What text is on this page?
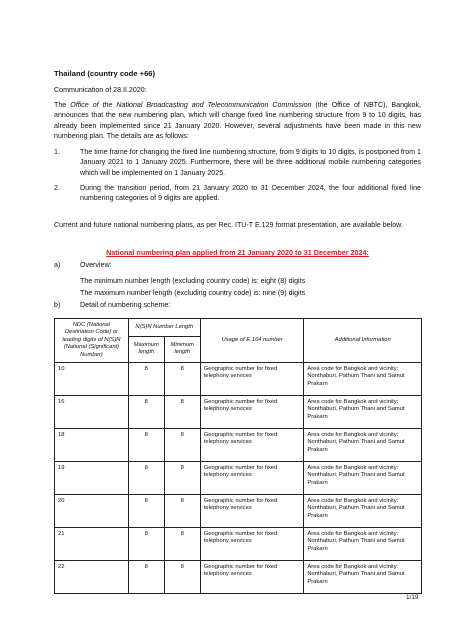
Thailand (country code +66)
Communication of 28.II.2020:
The Office of the National Broadcasting and Telecommunication Commission (the Office of NBTC), Bangkok, announces that the new numbering plan, which will change fixed line numbering structure from 9 to 10 digits, has already been implemented since 21 January 2020. However, several adjustments have been made in this new numbering plan. The details are as follows:
1.	The time frame for changing the fixed line numbering structure, from 9 digits to 10 digits, is postponed from 1 January 2021 to 1 January 2025. Furthermore, there will be three additional mobile numbering categories which will be implemented on 1 January 2025.
2.	During the transition period, from 21 January 2020 to 31 December 2024, the four additional fixed line numbering categories of 9 digits are applied.
Current and future national numbering plans, as per Rec. ITU-T E.129 format presentation, are available below.
National numbering plan applied from 21 January 2020 to 31 December 2024:
a)	Overview:
The minimum number length (excluding country code) is: eight (8) digits
The maximum number length (excluding country code) is: nine (9) digits
b)	Detail of numbering scheme:
NDC (National Destination Code) or leading digits of N(S)N (National (Significant) Number)	N(S)N Number Length		Usage of E.164 number	Additional Information
	Maximum length	Minimum length		
10	8	8	Geographic number for fixed telephony services	Area code for Bangkok and vicinity: Nonthaburi, Pathum Thani and Samut Prakarn
16	8	8	Geographic number for fixed telephony services	Area code for Bangkok and vicinity: Nonthaburi, Pathum Thani and Samut Prakarn
18	8	8	Geographic number for fixed telephony services	Area code for Bangkok and vicinity: Nonthaburi, Pathum Thani and Samut Prakarn
19	8	8	Geographic number for fixed telephony services	Area code for Bangkok and vicinity: Nonthaburi, Pathum Thani and Samut Prakarn
20	8	8	Geographic number for fixed telephony services	Area code for Bangkok and vicinity: Nonthaburi, Pathum Thani and Samut Prakarn
21	8	8	Geographic number for fixed telephony services	Area code for Bangkok and vicinity: Nonthaburi, Pathum Thani and Samut Prakarn
22	8	8	Geographic number for fixed telephony services	Area code for Bangkok and vicinity: Nonthaburi, Pathum Thani and Samut Prakarn
1/19
